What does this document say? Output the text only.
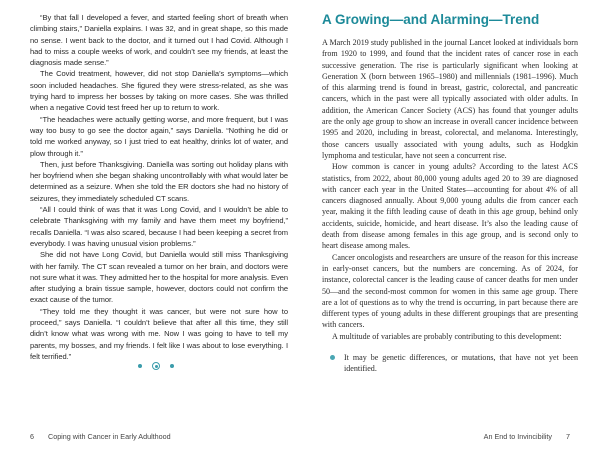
“By that fall I developed a fever, and started feeling short of breath when climbing stairs,” Daniella explains. I was 32, and in great shape, so this made no sense. I went back to the doctor, and it turned out I had Covid. Although I had to miss a couple weeks of work, and couldn’t see my friends, at least the diagnosis made sense.”

The Covid treatment, however, did not stop Daniella’s symptoms—which soon included headaches. She figured they were stress-related, as she was trying hard to impress her bosses by taking on more cases. She was thrilled when a negative Covid test freed her up to return to work.

“The headaches were actually getting worse, and more frequent, but I was way too busy to go see the doctor again,” says Daniella. “Nothing he did or told me worked anyway, so I just tried to eat healthy, drinks lot of water, and plow through it.”

Then, just before Thanksgiving. Daniella was sorting out holiday plans with her boyfriend when she began shaking uncontrollably with what would later be determined as a seizure. When she told the ER doctors she had no history of seizures, they immediately scheduled CT scans.

“All I could think of was that it was Long Covid, and I wouldn’t be able to celebrate Thanksgiving with my family and have them meet my boyfriend,” recalls Daniella. “I was also scared, because I had been keeping a secret from everybody. I was having unusual vision problems.”

She did not have Long Covid, but Daniella would still miss Thanksgiving with her family. The CT scan revealed a tumor on her brain, and doctors were not sure what it was. They admitted her to the hospital for more analysis. Even after studying a brain tissue sample, however, doctors could not confirm the exact cause of the tumor.

“They told me they thought it was cancer, but were not sure how to proceed,” says Daniella. “I couldn’t believe that after all this time, they still didn’t know what was wrong with me. Now I was going to have to tell my parents, my bosses, and my friends. I felt like I was about to lose everything. I felt terrified.”

A Growing—and Alarming—Trend

A March 2019 study published in the journal Lancet looked at individuals born from 1920 to 1999, and found that the incident rates of cancer rose in each successive generation. The rise is particularly significant when looking at Generation X (born between 1965–1980) and millennials (1981–1996). Much of this alarming trend is found in breast, gastric, colorectal, and pancreatic cancers, which in the past were all typically associated with older adults. In addition, the American Cancer Society (ACS) has found that younger adults are the only age group to show an increase in overall cancer incidence between 1995 and 2020, including in breast, colorectal, and melanoma. Interestingly, those cancers usually associated with young adults, such as Hodgkin lymphoma and testicular, have not seen a concurrent rise.

How common is cancer in young adults? According to the latest ACS statistics, from 2022, about 80,000 young adults aged 20 to 39 are diagnosed with cancer each year in the United States—accounting for about 4% of all cancers diagnosed annually. About 9,000 young adults die from cancer each year, making it the fifth leading cause of death in this age group, behind only accidents, suicide, homicide, and heart disease. It’s also the leading cause of death from disease among females in this age group, and is second only to heart disease among males.

Cancer oncologists and researchers are unsure of the reason for this increase in early-onset cancers, but the numbers are concerning. As of 2024, for instance, colorectal cancer is the leading cause of cancer deaths for men under 50—and the second-most common for women in this same age group. There are a lot of questions as to why the trend is occurring, in part because there are different types of young adults in these different groupings that are presenting with cancers.

A multitude of variables are probably contributing to this development:

It may be genetic differences, or mutations, that have not yet been identified.

6 Coping with Cancer in Early Adulthood	An End to Invincibility 7
